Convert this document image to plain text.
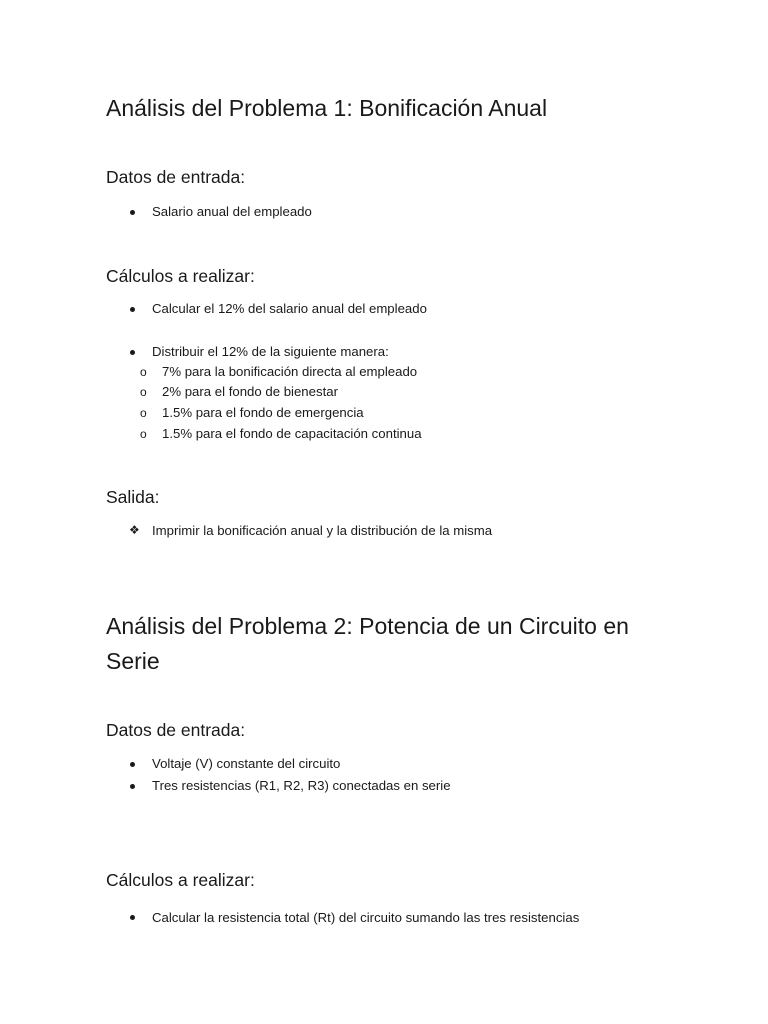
Análisis del Problema 1: Bonificación Anual
Datos de entrada:
Salario anual del empleado
Cálculos a realizar:
Calcular el 12% del salario anual del empleado
Distribuir el 12% de la siguiente manera:
o 7% para la bonificación directa al empleado
o 2% para el fondo de bienestar
o 1.5% para el fondo de emergencia
o 1.5% para el fondo de capacitación continua
Salida:
❖ Imprimir la bonificación anual y la distribución de la misma
Análisis del Problema 2: Potencia de un Circuito en
Serie
Datos de entrada:
Voltaje (V) constante del circuito
Tres resistencias (R1, R2, R3) conectadas en serie
Cálculos a realizar:
Calcular la resistencia total (Rt) del circuito sumando las tres resistencias
